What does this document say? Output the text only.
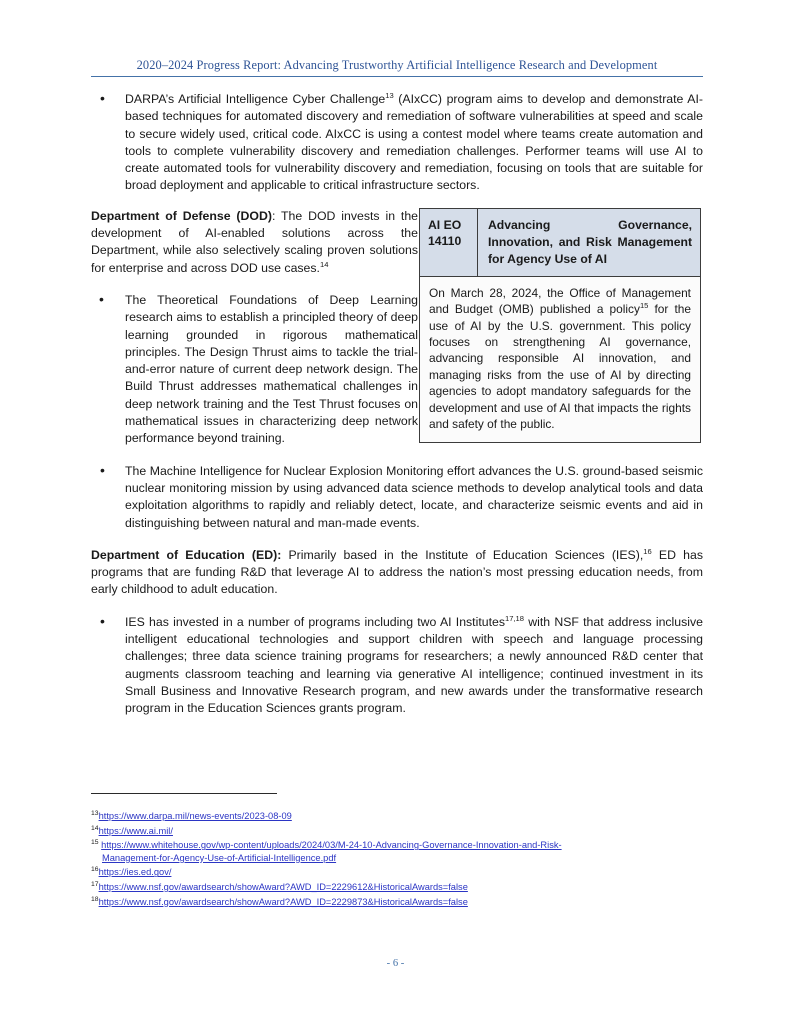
2020–2024 Progress Report: Advancing Trustworthy Artificial Intelligence Research and Development
• DARPA’s Artificial Intelligence Cyber Challenge$^{13}$ (AIxCC) program aims to develop and demonstrate AI-based techniques for automated discovery and remediation of software vulnerabilities at speed and scale to secure widely used, critical code. AIxCC is using a contest model where teams create automation and tools to complete vulnerability discovery and remediation challenges. Performer teams will use AI to create automated tools for vulnerability discovery and remediation, focusing on tools that are suitable for broad deployment and applicable to critical infrastructure sectors.
AI EO
14110
Advancing Governance, Innovation, and Risk Management for Agency Use of AI
On March 28, 2024, the Office of Management and Budget (OMB) published a policy$^{15}$ for the use of AI by the U.S. government. This policy focuses on strengthening AI governance, advancing responsible AI innovation, and managing risks from the use of AI by directing agencies to adopt mandatory safeguards for the development and use of AI that impacts the rights and safety of the public.

Department of Defense (DOD): The DOD invests in the development of AI-enabled solutions across the Department, while also selectively scaling proven solutions for enterprise and across DOD use cases.$^{14}$

• The Theoretical Foundations of Deep Learning research aims to establish a principled theory of deep learning grounded in rigorous mathematical principles. The Design Thrust aims to tackle the trial-and-error nature of current deep network design. The Build Thrust addresses mathematical challenges in deep network training and the Test Thrust focuses on mathematical issues in characterizing deep network performance beyond training.
• The Machine Intelligence for Nuclear Explosion Monitoring effort advances the U.S. ground-based seismic nuclear monitoring mission by using advanced data science methods to develop analytical tools and data exploitation algorithms to rapidly and reliably detect, locate, and characterize seismic events and aid in distinguishing between natural and man-made events.

Department of Education (ED): Primarily based in the Institute of Education Sciences (IES),$^{16}$ ED has programs that are funding R&D that leverage AI to address the nation’s most pressing education needs, from early childhood to adult education.

• IES has invested in a number of programs including two AI Institutes$^{17,18}$ with NSF that address inclusive intelligent educational technologies and support children with speech and language processing challenges; three data science training programs for researchers; a newly announced R&D center that augments classroom teaching and learning via generative AI intelligence; continued investment in its Small Business and Innovative Research program, and new awards under the transformative research program in the Education Sciences grants program.
$^{13}$https://www.darpa.mil/news-events/2023-08-09
$^{14}$https://www.ai.mil/
$^{15}$ https://www.whitehouse.gov/wp-content/uploads/2024/03/M-24-10-Advancing-Governance-Innovation-and-Risk-
Management-for-Agency-Use-of-Artificial-Intelligence.pdf
$^{16}$https://ies.ed.gov/
$^{17}$https://www.nsf.gov/awardsearch/showAward?AWD_ID=2229612&HistoricalAwards=false
$^{18}$https://www.nsf.gov/awardsearch/showAward?AWD_ID=2229873&HistoricalAwards=false
- 6 -
